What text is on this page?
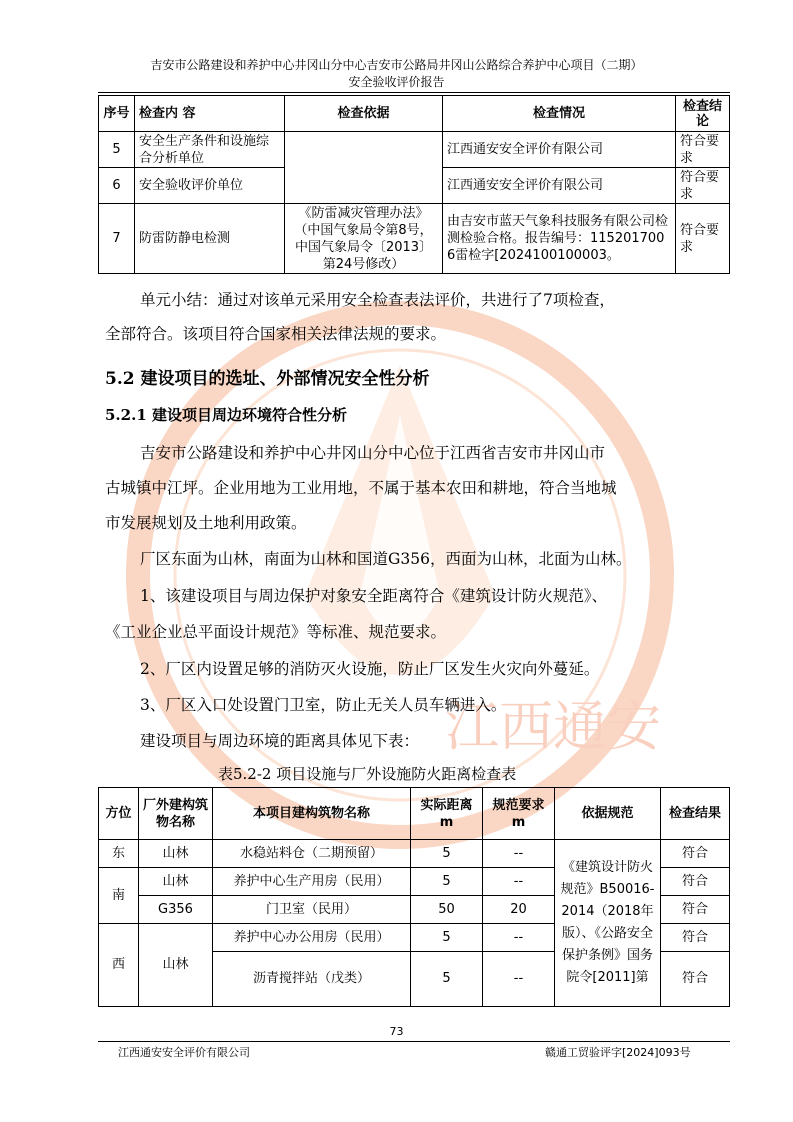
江西通安
吉安市公路建设和养护中心井冈山分中心吉安市公路局井冈山公路综合养护中心项目（二期）
安全验收评价报告
序号	检查内 容	检查依据	检查情况	检查结论
5	安全生产条件和设施综合分析单位		江西通安安全评价有限公司	符合要求
6	安全验收评价单位		江西通安安全评价有限公司	符合要求
7	防雷防静电检测	《防雷减灾管理办法》（中国气象局令第8号，中国气象局令〔2013〕第24号修改）	由吉安市蓝天气象科技服务有限公司检测检验合格。报告编号：1152017006雷检字[2024100100003。	符合要求
单元小结：通过对该单元采用安全检查表法评价，共进行了7项检查，
全部符合。该项目符合国家相关法律法规的要求。
5.2 建设项目的选址、外部情况安全性分析
5.2.1 建设项目周边环境符合性分析
吉安市公路建设和养护中心井冈山分中心位于江西省吉安市井冈山市
古城镇中江坪。企业用地为工业用地，不属于基本农田和耕地，符合当地城
市发展规划及土地利用政策。
厂区东面为山林，南面为山林和国道G356，西面为山林，北面为山林。
1、该建设项目与周边保护对象安全距离符合《建筑设计防火规范》、
《工业企业总平面设计规范》等标准、规范要求。
2、厂区内设置足够的消防灭火设施，防止厂区发生火灾向外蔓延。
3、厂区入口处设置门卫室，防止无关人员车辆进入。
建设项目与周边环境的距离具体见下表：
表5.2-2 项目设施与厂外设施防火距离检查表
方位	厂外建构筑物名称	本项目建构筑物名称	实际距离 m	规范要求 m	依据规范	检查结果
东	山林	水稳站料仓（二期预留）	5	--	《建筑设计防火规范》B50016-2014（2018年版）、《公路安全保护条例》国务院令[2011]第	符合
南	山林	养护中心生产用房（民用）	5	--		符合
	G356	门卫室（民用）	50	20		符合
西	山林	养护中心办公用房（民用）	5	--		符合
		沥青搅拌站（戊类）	5	--		符合
73
江西通安安全评价有限公司	赣通工贸验评字[2024]093号
